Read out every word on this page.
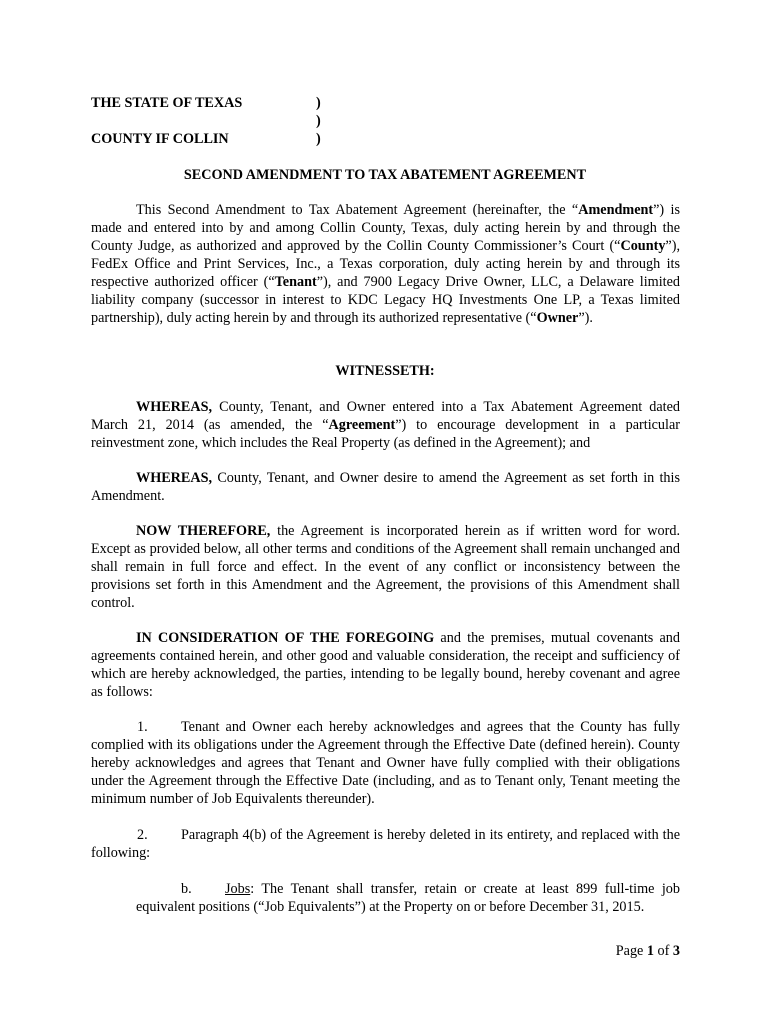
THE STATE OF TEXAS	)
)
COUNTY IF COLLIN	)
SECOND AMENDMENT TO TAX ABATEMENT AGREEMENT
This Second Amendment to Tax Abatement Agreement (hereinafter, the “Amendment”) is made and entered into by and among Collin County, Texas, duly acting herein by and through the County Judge, as authorized and approved by the Collin County Commissioner’s Court (“County”), FedEx Office and Print Services, Inc., a Texas corporation, duly acting herein by and through its respective authorized officer (“Tenant”), and 7900 Legacy Drive Owner, LLC, a Delaware limited liability company (successor in interest to KDC Legacy HQ Investments One LP, a Texas limited partnership), duly acting herein by and through its authorized representative (“Owner”).
WITNESSETH:
WHEREAS, County, Tenant, and Owner entered into a Tax Abatement Agreement dated March 21, 2014 (as amended, the “Agreement”) to encourage development in a particular reinvestment zone, which includes the Real Property (as defined in the Agreement); and
WHEREAS, County, Tenant, and Owner desire to amend the Agreement as set forth in this Amendment.
NOW THEREFORE, the Agreement is incorporated herein as if written word for word. Except as provided below, all other terms and conditions of the Agreement shall remain unchanged and shall remain in full force and effect. In the event of any conflict or inconsistency between the provisions set forth in this Amendment and the Agreement, the provisions of this Amendment shall control.
IN CONSIDERATION OF THE FOREGOING and the premises, mutual covenants and agreements contained herein, and other good and valuable consideration, the receipt and sufficiency of which are hereby acknowledged, the parties, intending to be legally bound, hereby covenant and agree as follows:
1. Tenant and Owner each hereby acknowledges and agrees that the County has fully complied with its obligations under the Agreement through the Effective Date (defined herein). County hereby acknowledges and agrees that Tenant and Owner have fully complied with their obligations under the Agreement through the Effective Date (including, and as to Tenant only, Tenant meeting the minimum number of Job Equivalents thereunder).
2. Paragraph 4(b) of the Agreement is hereby deleted in its entirety, and replaced with the following:
b. Jobs: The Tenant shall transfer, retain or create at least 899 full-time job equivalent positions (“Job Equivalents”) at the Property on or before December 31, 2015.
Page 1 of 3
